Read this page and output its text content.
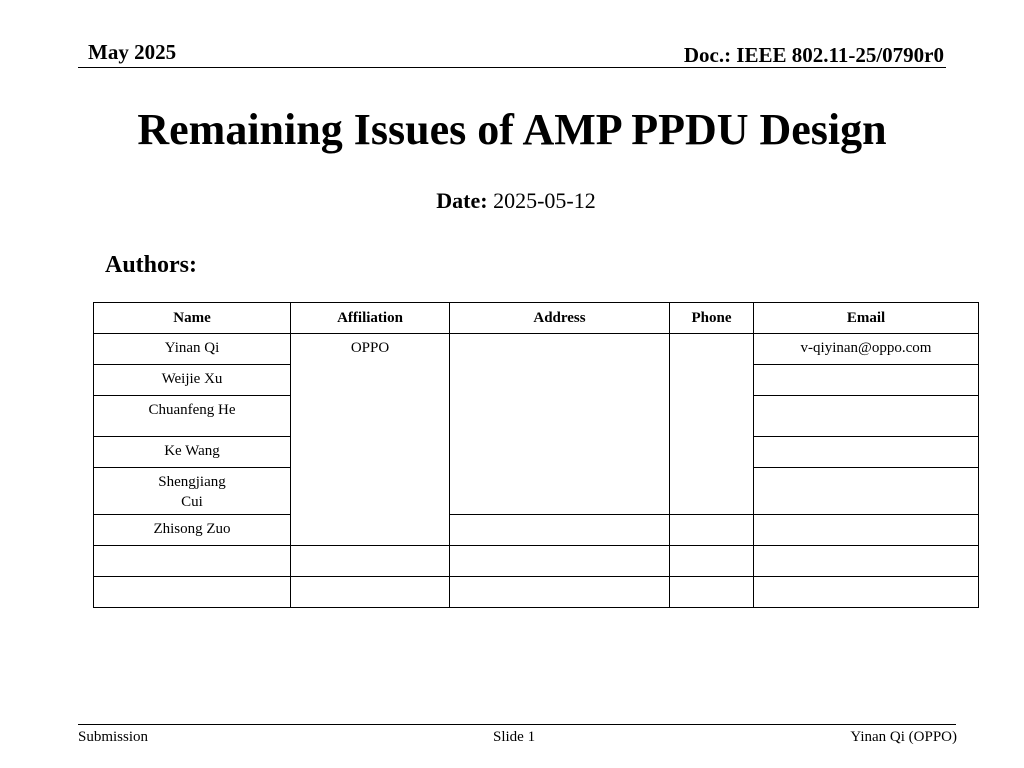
May 2025	Doc.: IEEE 802.11-25/0790r0
Remaining Issues of AMP PPDU Design
Date: 2025-05-12
Authors:
Name	Affiliation	Address	Phone	Email
Yinan Qi	OPPO			v-qiyinan@oppo.com
Weijie Xu				
Chuanfeng He				
Ke Wang				
Shengjiang Cui				
Zhisong Zuo				

Submission	Slide 1	Yinan Qi (OPPO)
